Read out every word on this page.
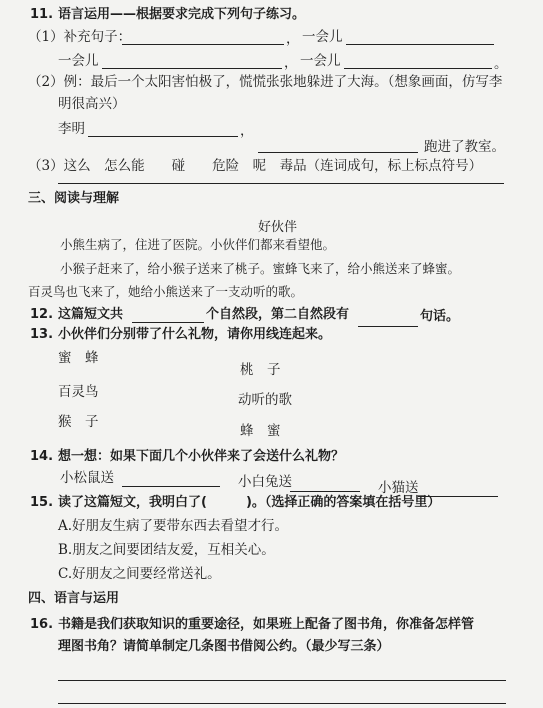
11. 语言运用——根据要求完成下列句子练习。
（1）补充句子：	， 一会儿
一会儿	， 一会儿	。
（2）例：最后一个太阳害怕极了，慌慌张张地躲进了大海。（想象画面，仿写李
明很高兴）
李明	，
跑进了教室。
（3）这么　怎么能　　碰　　危险　呢　毒品（连词成句，标上标点符号）
三、阅读与理解
好伙伴
小熊生病了，住进了医院。小伙伴们都来看望他。
小猴子赶来了，给小猴子送来了桃子。蜜蜂飞来了，给小熊送来了蜂蜜。
百灵鸟也飞来了，她给小熊送来了一支动听的歌。
12. 这篇短文共	个自然段，第二自然段有	句话。
13. 小伙伴们分别带了什么礼物，请你用线连起来。
蜜　蜂
百灵鸟
猴　子
桃　子
动听的歌
蜂　蜜
14. 想一想：如果下面几个小伙伴来了会送什么礼物？
小松鼠送	小白兔送	小猫送
15. 读了这篇短文，我明白了(　　　)。（选择正确的答案填在括号里）
A.好朋友生病了要带东西去看望才行。
B.朋友之间要团结友爱，互相关心。
C.好朋友之间要经常送礼。
四、语言与运用
16. 书籍是我们获取知识的重要途径，如果班上配备了图书角，你准备怎样管
理图书角？请简单制定几条图书借阅公约。（最少写三条）
